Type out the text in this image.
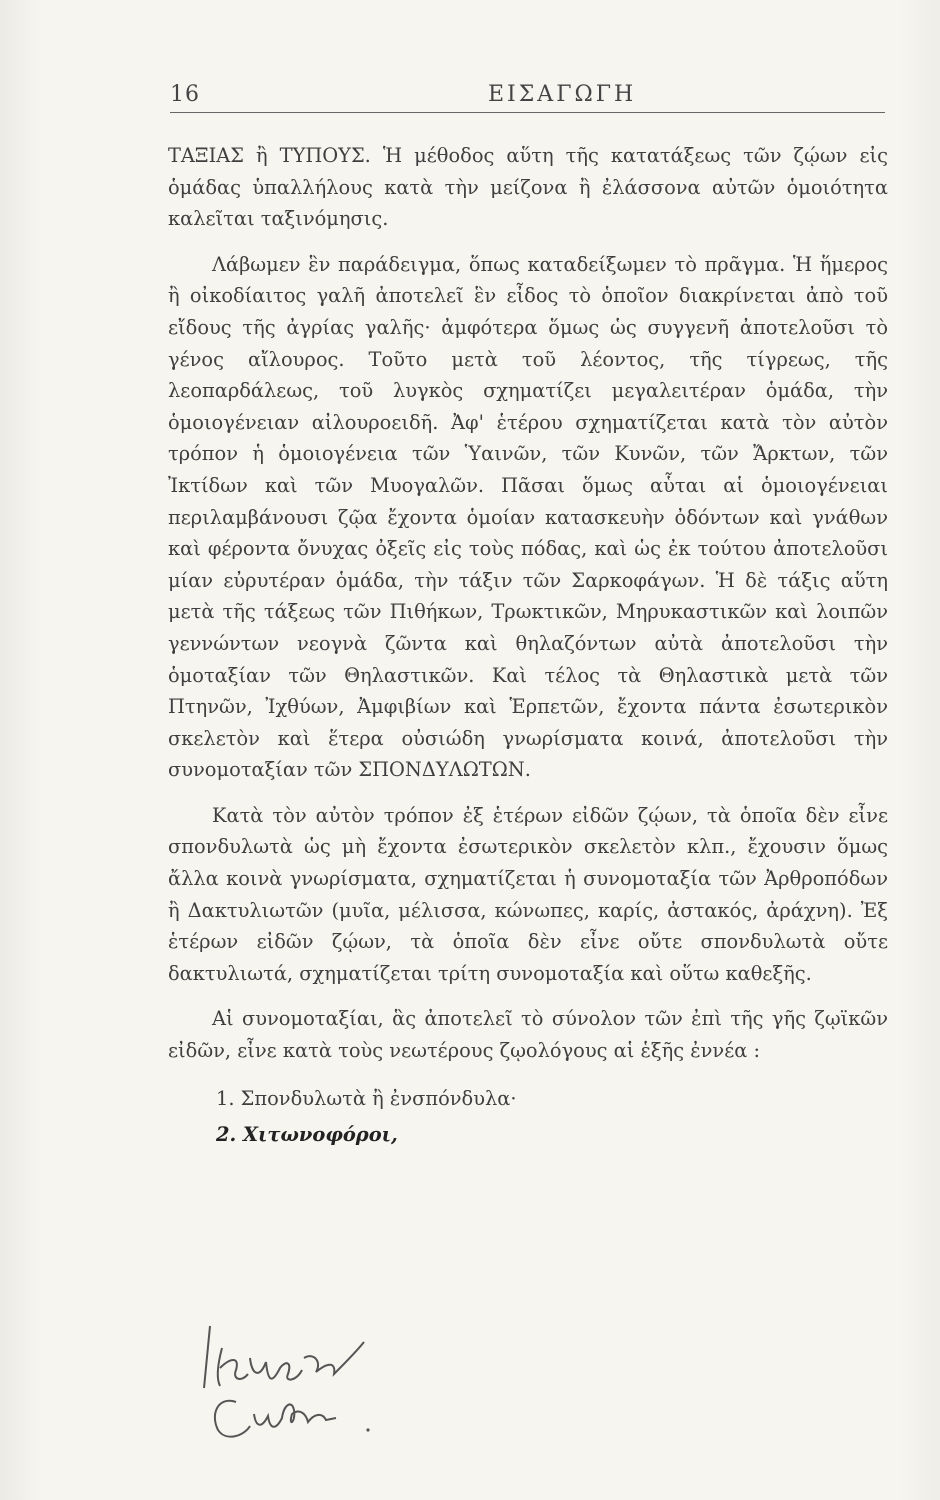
16	ΕΙΣΑΓΩΓΗ

ΤΑΞΙΑΣ ἢ ΤΥΠΟΥΣ. Ἡ μέθοδος αὕτη τῆς κατατάξεως τῶν ζῴων εἰς ὁμάδας ὑπαλλήλους κατὰ τὴν μείζονα ἢ ἐλάσσονα αὐτῶν ὁμοιότητα καλεῖται ταξινόμησις.

Λάβωμεν ἓν παράδειγμα, ὅπως καταδείξωμεν τὸ πρᾶγμα. Ἡ ἥμερος ἢ οἰκοδίαιτος γαλῆ ἀποτελεῖ ἓν εἶδος τὸ ὁποῖον διακρίνεται ἀπὸ τοῦ εἴδους τῆς ἀγρίας γαλῆς· ἀμφότερα ὅμως ὡς συγγενῆ ἀποτελοῦσι τὸ γένος αἴλουρος. Τοῦτο μετὰ τοῦ λέοντος, τῆς τίγρεως, τῆς λεοπαρδάλεως, τοῦ λυγκὸς σχηματίζει μεγαλειτέραν ὁμάδα, τὴν ὁμοιογένειαν αἰλουροειδῆ. Ἀφ' ἑτέρου σχηματίζεται κατὰ τὸν αὐτὸν τρόπον ἡ ὁμοιογένεια τῶν Ὑαινῶν, τῶν Κυνῶν, τῶν Ἄρκτων, τῶν Ἰκτίδων καὶ τῶν Μυογαλῶν. Πᾶσαι ὅμως αὗται αἱ ὁμοιογένειαι περιλαμβάνουσι ζῷα ἔχοντα ὁμοίαν κατασκευὴν ὀδόντων καὶ γνάθων καὶ φέροντα ὄνυχας ὀξεῖς εἰς τοὺς πόδας, καὶ ὡς ἐκ τούτου ἀποτελοῦσι μίαν εὐρυτέραν ὁμάδα, τὴν τάξιν τῶν Σαρκοφάγων. Ἡ δὲ τάξις αὕτη μετὰ τῆς τάξεως τῶν Πιθήκων, Τρωκτικῶν, Μηρυκαστικῶν καὶ λοιπῶν γεννώντων νεογνὰ ζῶντα καὶ θηλαζόντων αὐτὰ ἀποτελοῦσι τὴν ὁμοταξίαν τῶν Θηλαστικῶν. Καὶ τέλος τὰ Θηλαστικὰ μετὰ τῶν Πτηνῶν, Ἰχθύων, Ἀμφιβίων καὶ Ἑρπετῶν, ἔχοντα πάντα ἐσωτερικὸν σκελετὸν καὶ ἕτερα οὐσιώδη γνωρίσματα κοινά, ἀποτελοῦσι τὴν συνομοταξίαν τῶν ΣΠΟΝΔΥΛΩΤΩΝ.

Κατὰ τὸν αὐτὸν τρόπον ἐξ ἑτέρων εἰδῶν ζῴων, τὰ ὁποῖα δὲν εἶνε σπονδυλωτὰ ὡς μὴ ἔχοντα ἐσωτερικὸν σκελετὸν κλπ., ἔχουσιν ὅμως ἄλλα κοινὰ γνωρίσματα, σχηματίζεται ἡ συνομοταξία τῶν Ἀρθροπόδων ἢ Δακτυλιωτῶν (μυῖα, μέλισσα, κώνωπες, καρίς, ἀστακός, ἀράχνη). Ἐξ ἑτέρων εἰδῶν ζῴων, τὰ ὁποῖα δὲν εἶνε οὔτε σπονδυλωτὰ οὔτε δακτυλιωτά, σχηματίζεται τρίτη συνομοταξία καὶ οὕτω καθεξῆς.

Αἱ συνομοταξίαι, ἃς ἀποτελεῖ τὸ σύνολον τῶν ἐπὶ τῆς γῆς ζῳϊκῶν εἰδῶν, εἶνε κατὰ τοὺς νεωτέρους ζῳολόγους αἱ ἑξῆς ἐννέα :

1. Σπονδυλωτὰ ἢ ἐνσπόνδυλα·
2. Χιτωνοφόροι,
